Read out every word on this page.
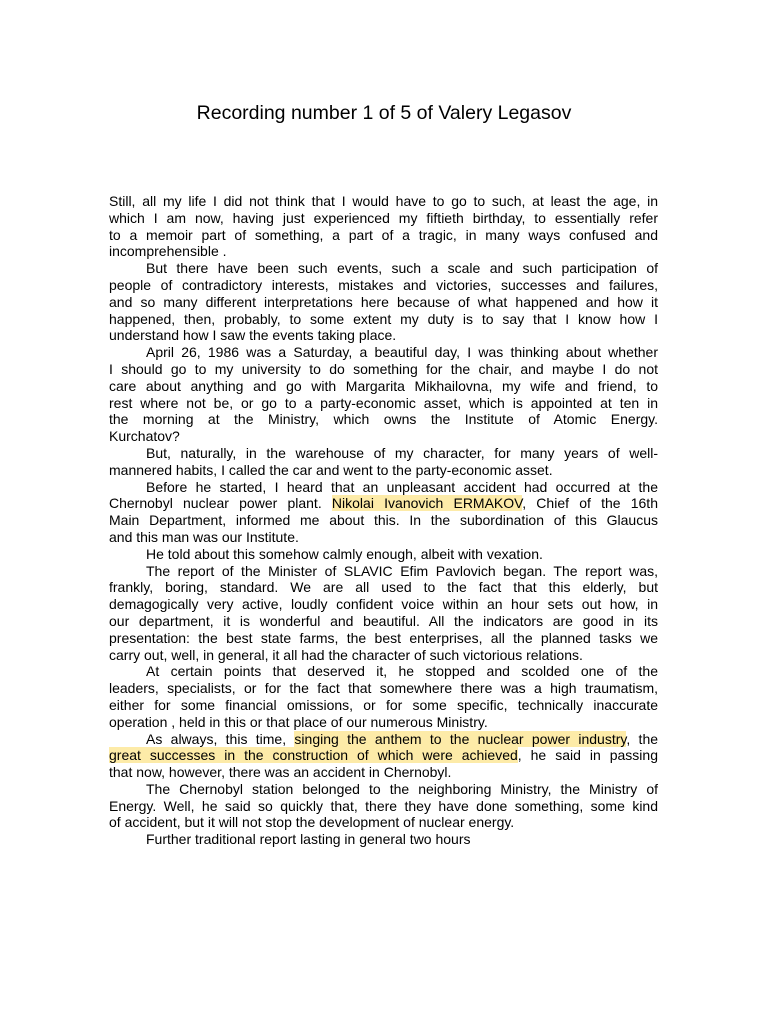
Recording number 1 of 5 of Valery Legasov
Still, all my life I did not think that I would have to go to such, at least the age, in
which I am now, having just experienced my fiftieth birthday, to essentially refer
to a memoir part of something, a part of a tragic, in many ways confused and
incomprehensible .
But there have been such events, such a scale and such participation of
people of contradictory interests, mistakes and victories, successes and failures,
and so many different interpretations here because of what happened and how it
happened, then, probably, to some extent my duty is to say that I know how I
understand how I saw the events taking place.
April 26, 1986 was a Saturday, a beautiful day, I was thinking about whether
I should go to my university to do something for the chair, and maybe I do not
care about anything and go with Margarita Mikhailovna, my wife and friend, to
rest where not be, or go to a party-economic asset, which is appointed at ten in
the morning at the Ministry, which owns the Institute of Atomic Energy.
Kurchatov?
But, naturally, in the warehouse of my character, for many years of well-
mannered habits, I called the car and went to the party-economic asset.
Before he started, I heard that an unpleasant accident had occurred at the
Chernobyl nuclear power plant. Nikolai Ivanovich ERMAKOV, Chief of the 16th
Main Department, informed me about this. In the subordination of this Glaucus
and this man was our Institute.
He told about this somehow calmly enough, albeit with vexation.
The report of the Minister of SLAVIC Efim Pavlovich began. The report was,
frankly, boring, standard. We are all used to the fact that this elderly, but
demagogically very active, loudly confident voice within an hour sets out how, in
our department, it is wonderful and beautiful. All the indicators are good in its
presentation: the best state farms, the best enterprises, all the planned tasks we
carry out, well, in general, it all had the character of such victorious relations.
At certain points that deserved it, he stopped and scolded one of the
leaders, specialists, or for the fact that somewhere there was a high traumatism,
either for some financial omissions, or for some specific, technically inaccurate
operation , held in this or that place of our numerous Ministry.
As always, this time, singing the anthem to the nuclear power industry, the
great successes in the construction of which were achieved, he said in passing
that now, however, there was an accident in Chernobyl.
The Chernobyl station belonged to the neighboring Ministry, the Ministry of
Energy. Well, he said so quickly that, there they have done something, some kind
of accident, but it will not stop the development of nuclear energy.
Further traditional report lasting in general two hours
